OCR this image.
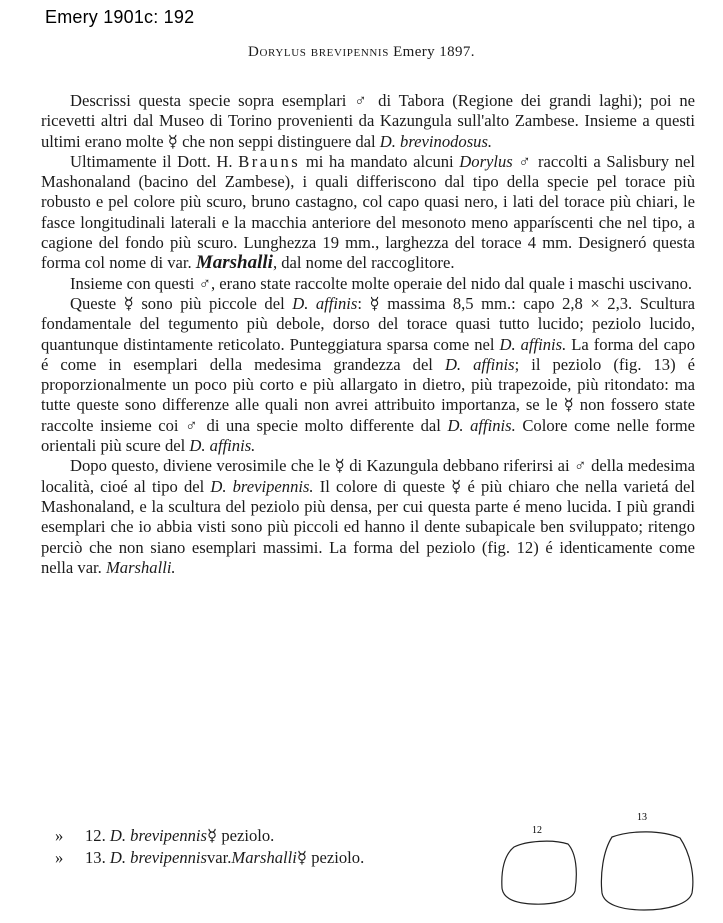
Emery 1901c: 192
Dorylus brevipennis Emery 1897.

Descrissi questa specie sopra esemplari ♂ di Tabora (Regione dei grandi laghi); poi ne ricevetti altri dal Museo di Torino provenienti da Kazungula sull'alto Zambese. Insieme a questi ultimi erano molte ☿ che non seppi distinguere dal D. brevinodosus.

Ultimamente il Dott. H. Brauns mi ha mandato alcuni Dorylus ♂ raccolti a Salisbury nel Mashonaland (bacino del Zambese), i quali differiscono dal tipo della specie pel torace più robusto e pel colore più scuro, bruno castagno, col capo quasi nero, i lati del torace più chiari, le fasce longitudinali laterali e la macchia anteriore del mesonoto meno apparíscenti che nel tipo, a cagione del fondo più scuro. Lunghezza 19 mm., larghezza del torace 4 mm. Designeró questa forma col nome di var. Marshalli, dal nome del raccoglitore.

Insieme con questi ♂, erano state raccolte molte operaie del nido dal quale i maschi uscivano.

Queste ☿ sono più piccole del D. affinis: ☿ massima 8,5 mm.: capo 2,8 × 2,3. Scultura fondamentale del tegumento più debole, dorso del torace quasi tutto lucido; peziolo lucido, quantunque distintamente reticolato. Punteggiatura sparsa come nel D. affinis. La forma del capo é come in esemplari della medesima grandezza del D. affinis; il peziolo (fig. 13) é proporzionalmente un poco più corto e più allargato in dietro, più trapezoide, più ritondato: ma tutte queste sono differenze alle quali non avrei attribuito importanza, se le ☿ non fossero state raccolte insieme coi ♂ di una specie molto differente dal D. affinis. Colore come nelle forme orientali più scure del D. affinis.

Dopo questo, diviene verosimile che le ☿ di Kazungula debbano riferirsi ai ♂ della medesima località, cioé al tipo del D. brevipennis. Il colore di queste ☿ é più chiaro che nella varietá del Mashonaland, e la scultura del peziolo più densa, per cui questa parte é meno lucida. I più grandi esemplari che io abbia visti sono più piccoli ed hanno il dente subapicale ben sviluppato; ritengo perciò che non siano esemplari massimi. La forma del peziolo (fig. 12) é identicamente come nella var. Marshalli.

»	12.
D. brevipennis ☿ peziolo.
»	13.
D. brevipennis var. Marshalli ☿ peziolo.
12
13
